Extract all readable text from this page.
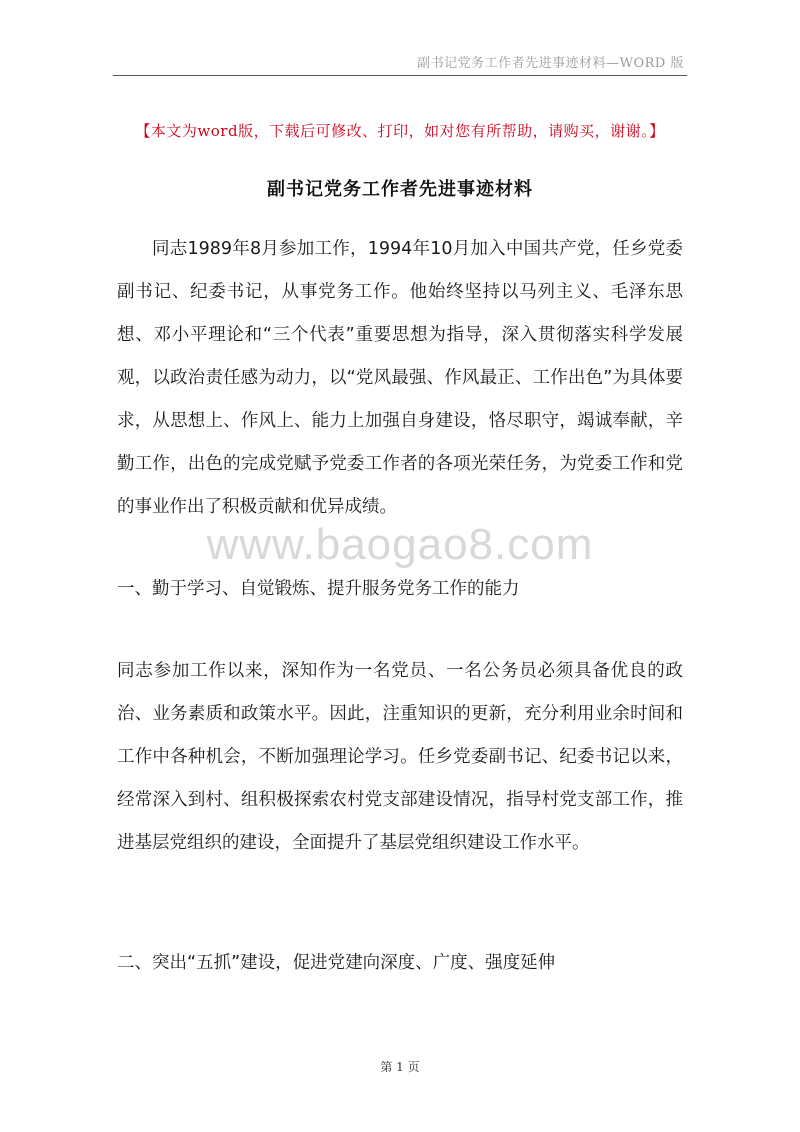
副书记党务工作者先进事迹材料—WORD 版
【本文为word版，下载后可修改、打印，如对您有所帮助，请购买，谢谢。】
副书记党务工作者先进事迹材料

同志1989年8月参加工作，1994年10月加入中国共产党，任乡党委副书记、纪委书记，从事党务工作。他始终坚持以马列主义、毛泽东思想、邓小平理论和“三个代表”重要思想为指导，深入贯彻落实科学发展观，以政治责任感为动力，以“党风最强、作风最正、工作出色”为具体要求，从思想上、作风上、能力上加强自身建设，恪尽职守，竭诚奉献，辛勤工作，出色的完成党赋予党委工作者的各项光荣任务，为党委工作和党的事业作出了积极贡献和优异成绩。

www.baogao8.com

一、勤于学习、自觉锻炼、提升服务党务工作的能力

同志参加工作以来，深知作为一名党员、一名公务员必须具备优良的政治、业务素质和政策水平。因此，注重知识的更新，充分利用业余时间和工作中各种机会，不断加强理论学习。任乡党委副书记、纪委书记以来，经常深入到村、组积极探索农村党支部建设情况，指导村党支部工作，推进基层党组织的建设，全面提升了基层党组织建设工作水平。

二、突出“五抓”建设，促进党建向深度、广度、强度延伸

第 1 页
